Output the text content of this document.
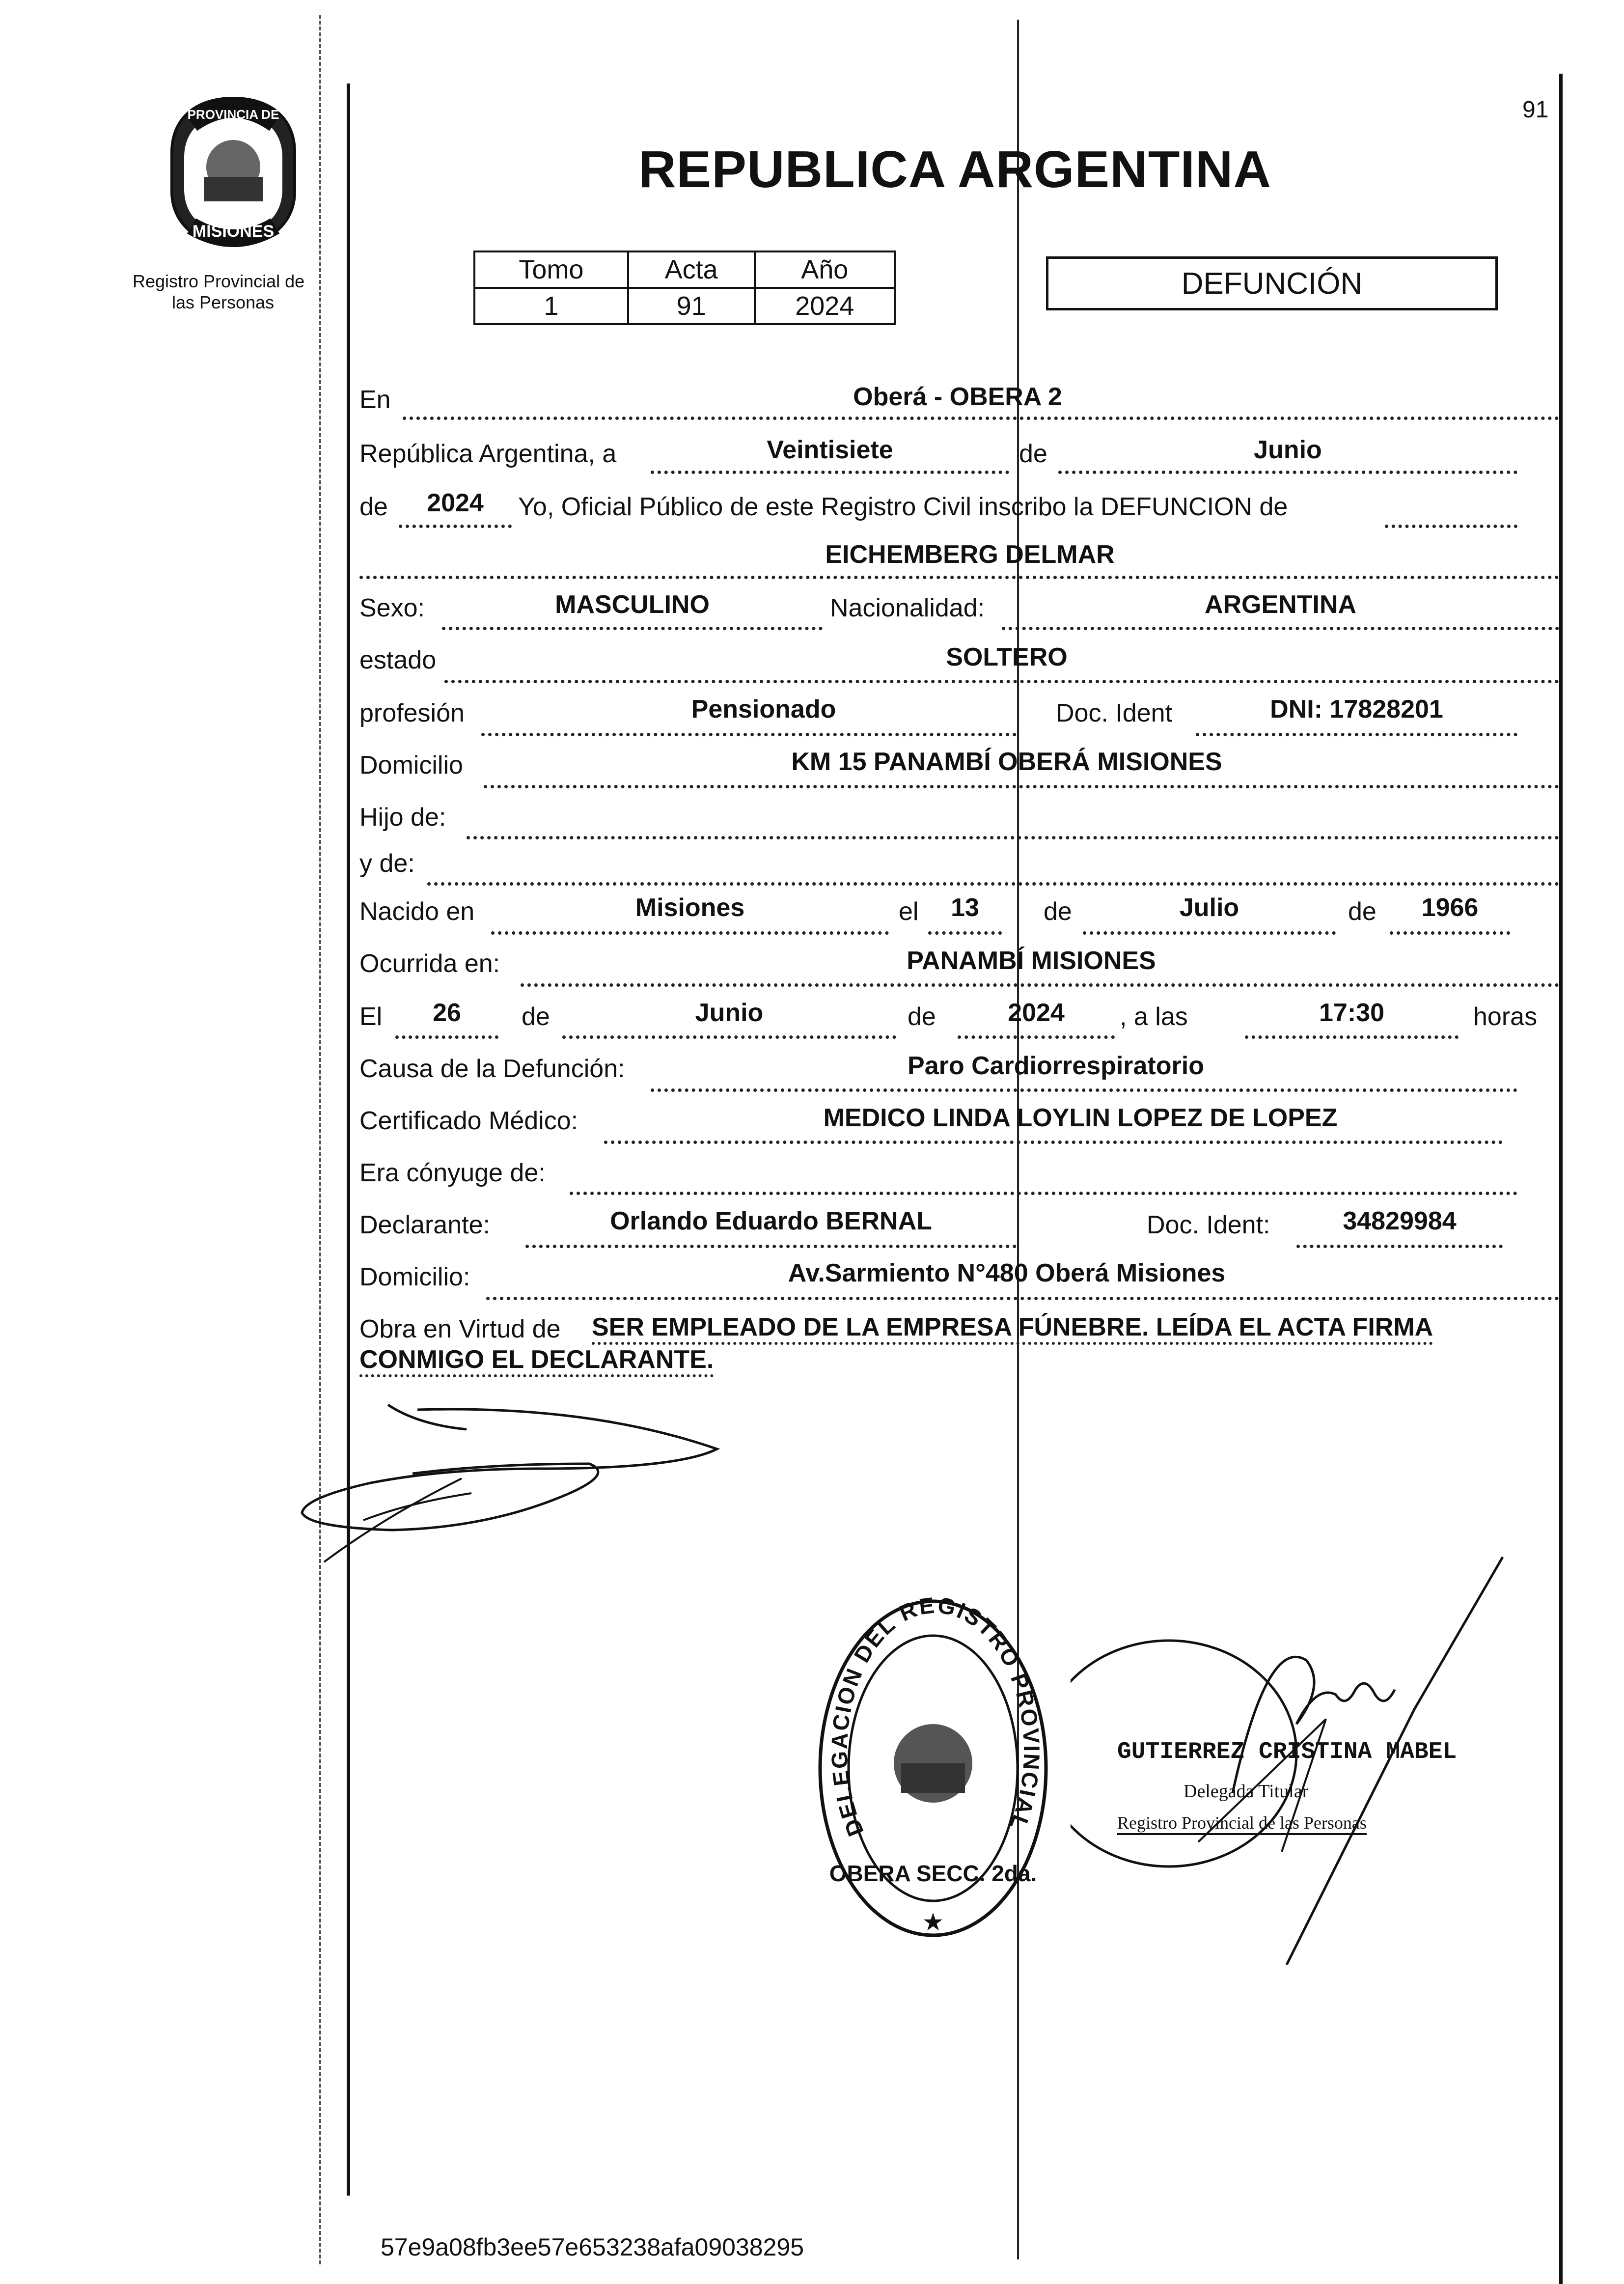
91
PROVINCIA DE
MISIONES
Registro Provincial de
las Personas
REPUBLICA ARGENTINA
Tomo	Acta	Año
1	91	2024
DEFUNCIÓN
En	Oberá - OBERA 2
República Argentina, a	Veintisiete	de	Junio
de	2024	Yo, Oficial Público de este Registro Civil inscribo la DEFUNCION de
EICHEMBERG DELMAR
Sexo:	MASCULINO	Nacionalidad:	ARGENTINA
estado	SOLTERO
profesión	Pensionado	Doc. Ident	DNI: 17828201
Domicilio	KM 15 PANAMBÍ OBERÁ MISIONES
Hijo de:
y de:
Nacido en	Misiones	el	13	de	Julio	de	1966
Ocurrida en:	PANAMBÍ MISIONES
El	26	de	Junio	de	2024	, a las	17:30	horas
Causa de la Defunción:	Paro Cardiorrespiratorio
Certificado Médico:	MEDICO LINDA LOYLIN LOPEZ DE LOPEZ
Era cónyuge de:
Declarante:	Orlando Eduardo BERNAL	Doc. Ident:	34829984
Domicilio:	Av.Sarmiento N°480 Oberá Misiones
Obra en Virtud de SER EMPLEADO DE LA EMPRESA FÚNEBRE. LEÍDA EL ACTA FIRMA
CONMIGO EL DECLARANTE.
DELEGACION DEL REGISTRO PROVINCIAL
OBERA SECC. 2da.
★
GUTIERREZ CRISTINA MABEL
Delegada Titular
Registro Provincial de las Personas
57e9a08fb3ee57e653238afa09038295
